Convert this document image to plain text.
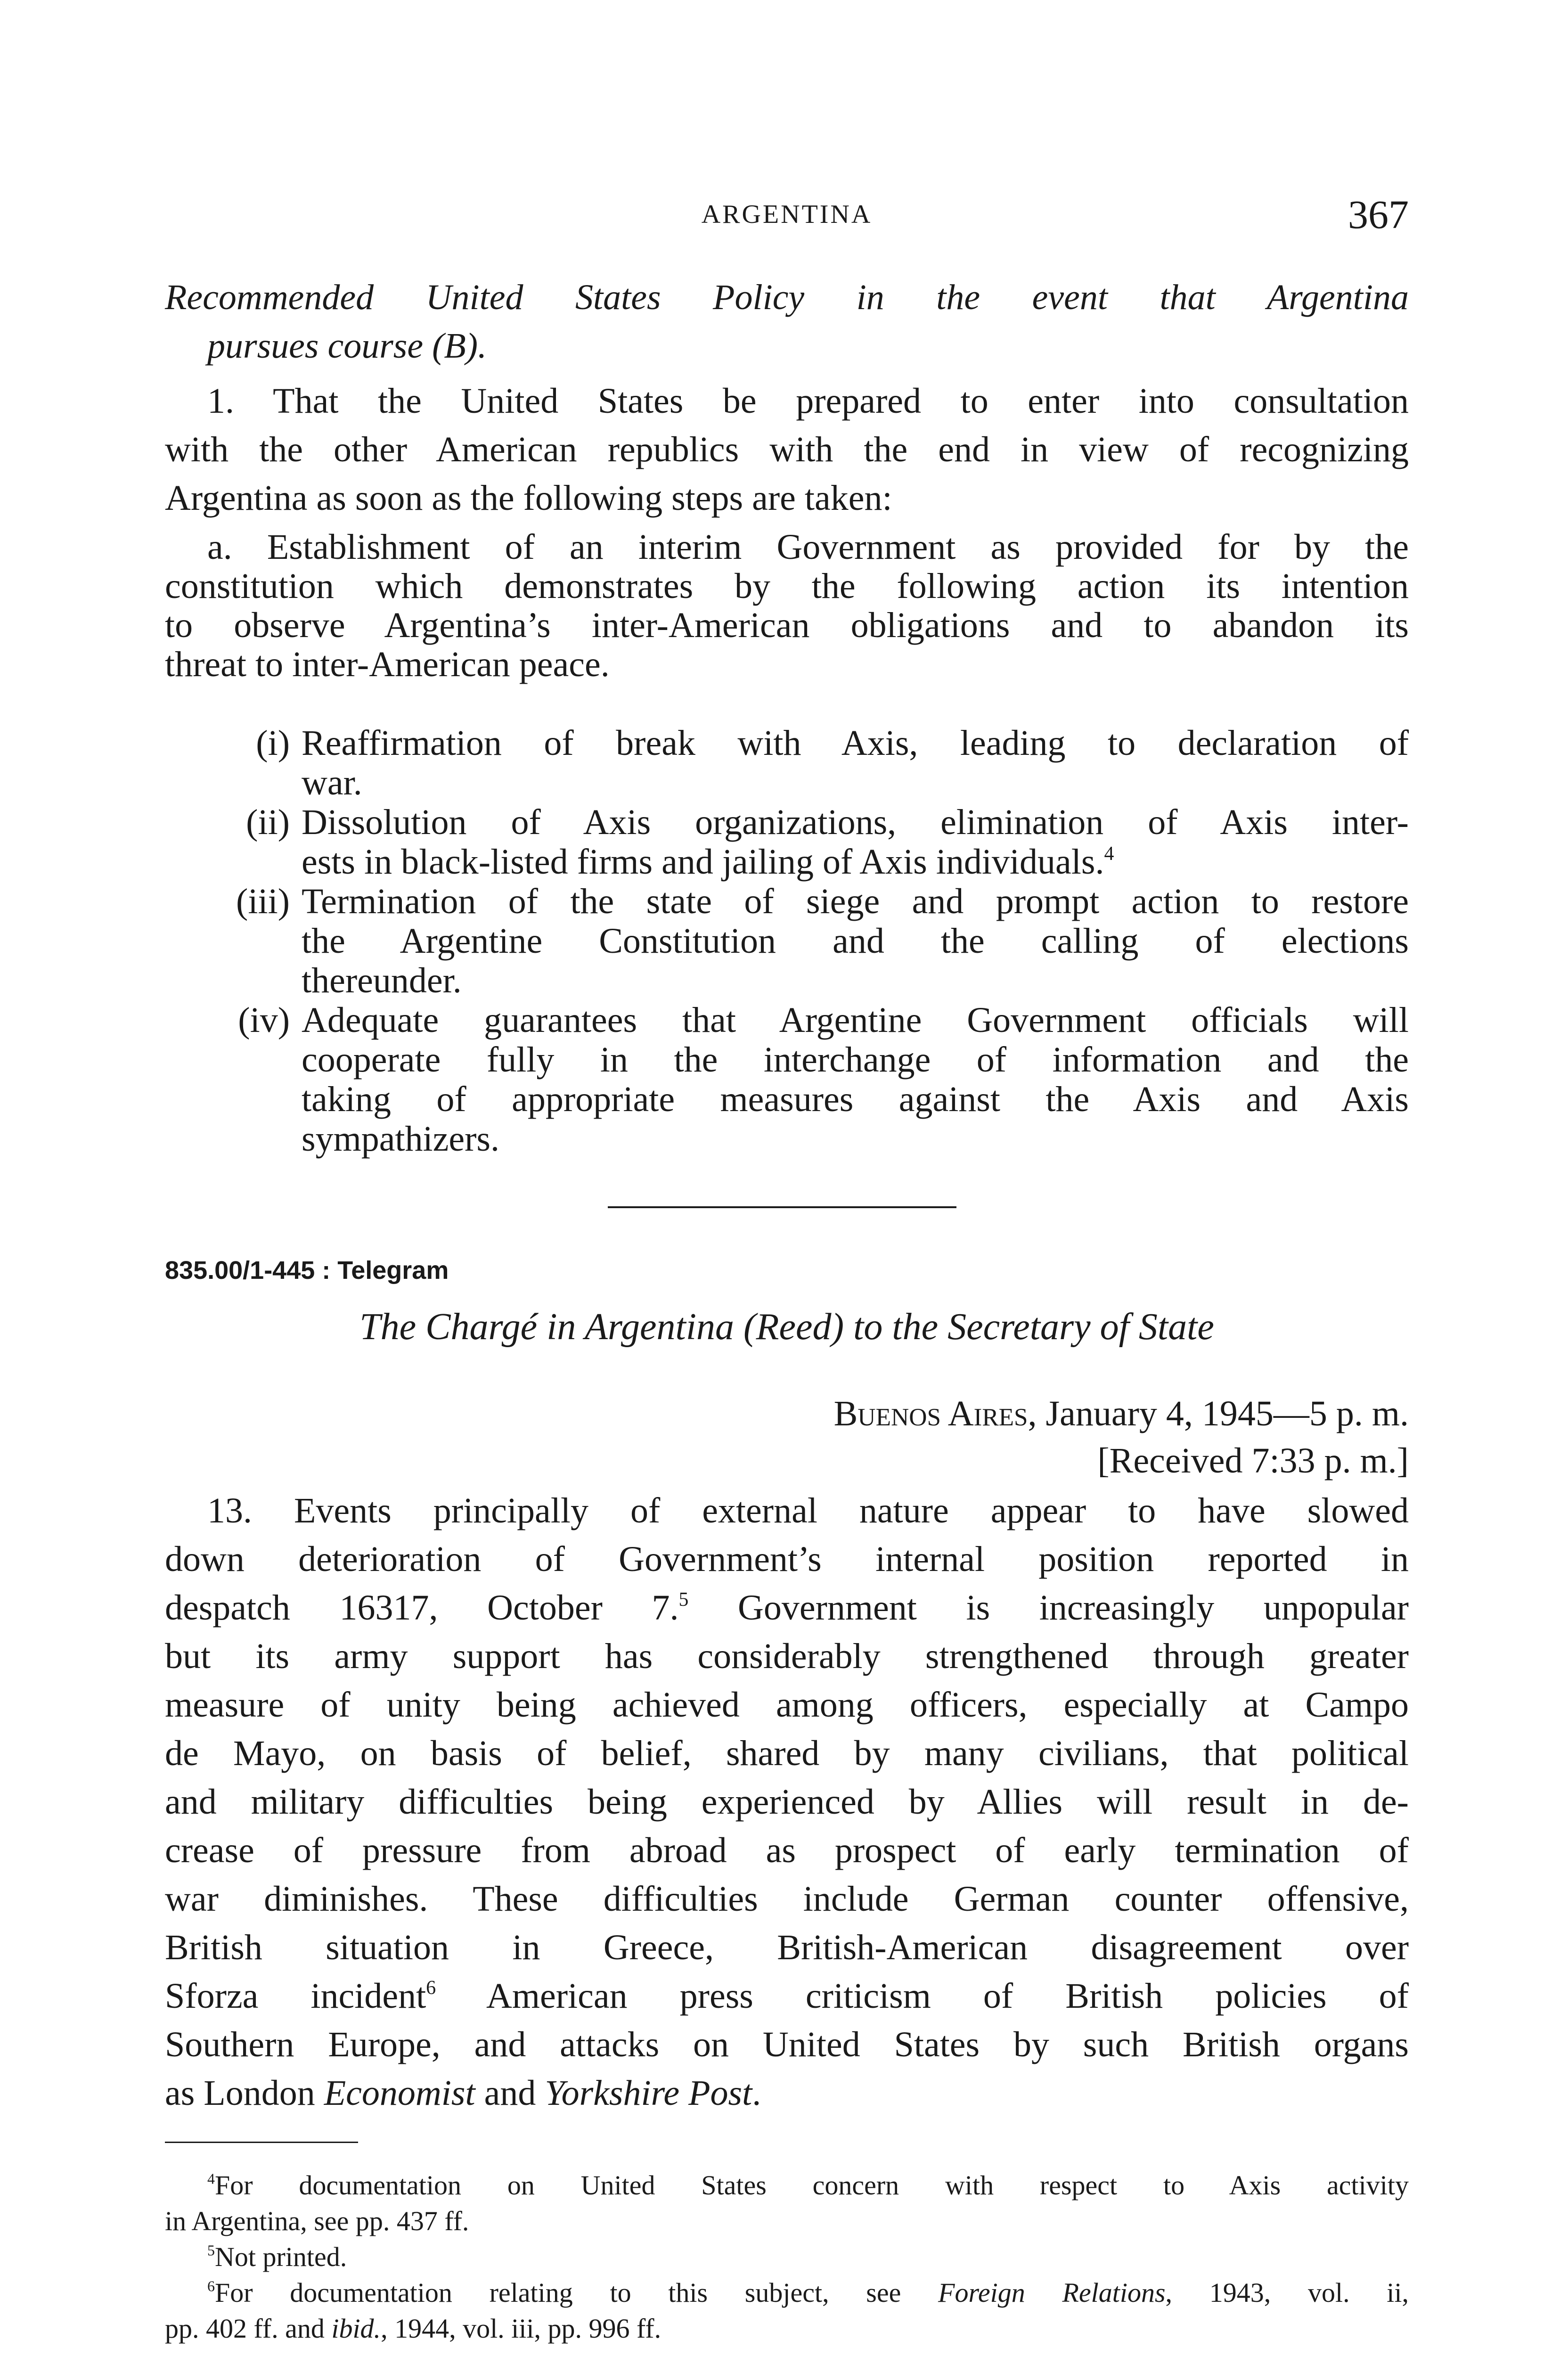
ARGENTINA	367
Recommended United States Policy in the event that Argentina
pursues course (B).
1. That the United States be prepared to enter into consultation
with the other American republics with the end in view of recognizing
Argentina as soon as the following steps are taken:
a. Establishment of an interim Government as provided for by the
constitution which demonstrates by the following action its intention
to observe Argentina’s inter-American obligations and to abandon its
threat to inter-American peace.
(i) Reaffirmation of break with Axis, leading to declaration of
war.
(ii) Dissolution of Axis organizations, elimination of Axis inter-
ests in black-listed firms and jailing of Axis individuals.$^4$
(iii) Termination of the state of siege and prompt action to restore
the Argentine Constitution and the calling of elections
thereunder.
(iv) Adequate guarantees that Argentine Government officials will
cooperate fully in the interchange of information and the
taking of appropriate measures against the Axis and Axis
sympathizers.
835.00/1-445 : Telegram
The Chargé in Argentina (Reed) to the Secretary of State
Buenos Aires, January 4, 1945—5 p. m.
[Received 7:33 p. m.]
13. Events principally of external nature appear to have slowed
down deterioration of Government’s internal position reported in
despatch 16317, October 7.$^5$ Government is increasingly unpopular
but its army support has considerably strengthened through greater
measure of unity being achieved among officers, especially at Campo
de Mayo, on basis of belief, shared by many civilians, that political
and military difficulties being experienced by Allies will result in de-
crease of pressure from abroad as prospect of early termination of
war diminishes. These difficulties include German counter offensive,
British situation in Greece, British-American disagreement over
Sforza incident$^6$ American press criticism of British policies of
Southern Europe, and attacks on United States by such British organs
as London Economist and Yorkshire Post.
$^4$For documentation on United States concern with respect to Axis activity
in Argentina, see pp. 437 ff.
$^5$Not printed.
$^6$For documentation relating to this subject, see Foreign Relations, 1943, vol. ii,
pp. 402 ff. and ibid., 1944, vol. iii, pp. 996 ff.
